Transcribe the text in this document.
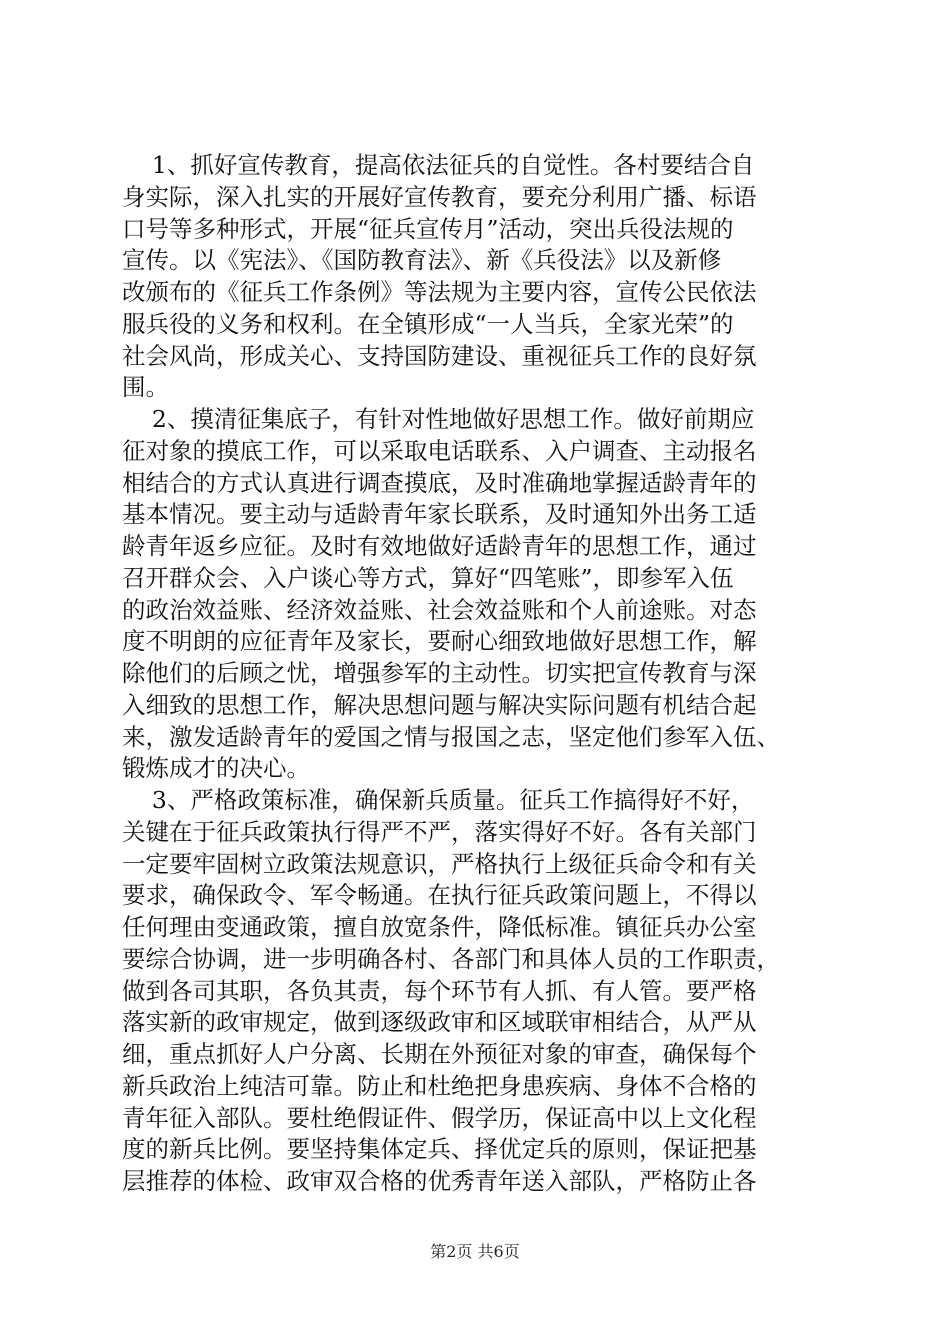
1、抓好宣传教育，提高依法征兵的自觉性。各村要结合自
身实际，深入扎实的开展好宣传教育，要充分利用广播、标语
口号等多种形式，开展“征兵宣传月”活动，突出兵役法规的
宣传。以《宪法》、《国防教育法》、新《兵役法》以及新修
改颁布的《征兵工作条例》等法规为主要内容，宣传公民依法
服兵役的义务和权利。在全镇形成“一人当兵，全家光荣”的
社会风尚，形成关心、支持国防建设、重视征兵工作的良好氛
围。
2、摸清征集底子，有针对性地做好思想工作。做好前期应
征对象的摸底工作，可以采取电话联系、入户调查、主动报名
相结合的方式认真进行调查摸底，及时准确地掌握适龄青年的
基本情况。要主动与适龄青年家长联系，及时通知外出务工适
龄青年返乡应征。及时有效地做好适龄青年的思想工作，通过
召开群众会、入户谈心等方式，算好“四笔账”，即参军入伍
的政治效益账、经济效益账、社会效益账和个人前途账。对态
度不明朗的应征青年及家长，要耐心细致地做好思想工作，解
除他们的后顾之忧，增强参军的主动性。切实把宣传教育与深
入细致的思想工作，解决思想问题与解决实际问题有机结合起
来，激发适龄青年的爱国之情与报国之志，坚定他们参军入伍、
锻炼成才的决心。
3、严格政策标准，确保新兵质量。征兵工作搞得好不好，
关键在于征兵政策执行得严不严，落实得好不好。各有关部门
一定要牢固树立政策法规意识，严格执行上级征兵命令和有关
要求，确保政令、军令畅通。在执行征兵政策问题上，不得以
任何理由变通政策，擅自放宽条件，降低标准。镇征兵办公室
要综合协调，进一步明确各村、各部门和具体人员的工作职责，
做到各司其职，各负其责，每个环节有人抓、有人管。要严格
落实新的政审规定，做到逐级政审和区域联审相结合，从严从
细，重点抓好人户分离、长期在外预征对象的审查，确保每个
新兵政治上纯洁可靠。防止和杜绝把身患疾病、身体不合格的
青年征入部队。要杜绝假证件、假学历，保证高中以上文化程
度的新兵比例。要坚持集体定兵、择优定兵的原则，保证把基
层推荐的体检、政审双合格的优秀青年送入部队，严格防止各
第2页 共6页
